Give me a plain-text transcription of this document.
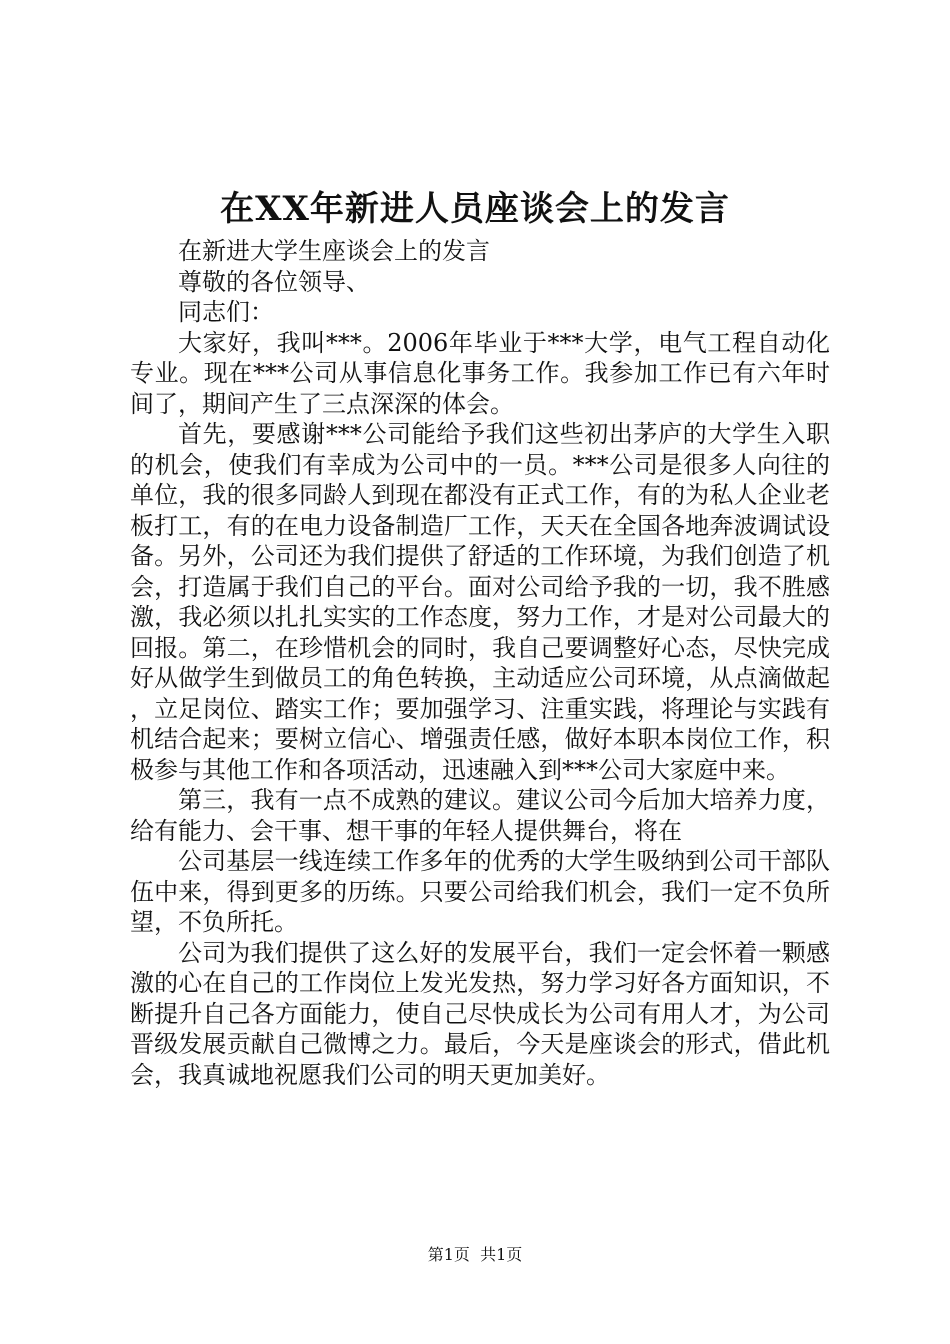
在XX年新进人员座谈会上的发言

在新进大学生座谈会上的发言

尊敬的各位领导、

同志们：

大家好，我叫***。2006年毕业于***大学，电气工程自动化专业。现在***公司从事信息化事务工作。我参加工作已有六年时间了，期间产生了三点深深的体会。

首先，要感谢***公司能给予我们这些初出茅庐的大学生入职的机会，使我们有幸成为公司中的一员。***公司是很多人向往的单位，我的很多同龄人到现在都没有正式工作，有的为私人企业老板打工，有的在电力设备制造厂工作，天天在全国各地奔波调试设备。另外，公司还为我们提供了舒适的工作环境，为我们创造了机会，打造属于我们自己的平台。面对公司给予我的一切，我不胜感激，我必须以扎扎实实的工作态度，努力工作，才是对公司最大的回报。第二，在珍惜机会的同时，我自己要调整好心态，尽快完成好从做学生到做员工的角色转换，主动适应公司环境，从点滴做起，立足岗位、踏实工作；要加强学习、注重实践，将理论与实践有机结合起来；要树立信心、增强责任感，做好本职本岗位工作，积极参与其他工作和各项活动，迅速融入到***公司大家庭中来。

第三，我有一点不成熟的建议。建议公司今后加大培养力度，给有能力、会干事、想干事的年轻人提供舞台，将在

公司基层一线连续工作多年的优秀的大学生吸纳到公司干部队伍中来，得到更多的历练。只要公司给我们机会，我们一定不负所望，不负所托。

公司为我们提供了这么好的发展平台，我们一定会怀着一颗感激的心在自己的工作岗位上发光发热，努力学习好各方面知识，不断提升自己各方面能力，使自己尽快成长为公司有用人才，为公司晋级发展贡献自己微博之力。最后，今天是座谈会的形式，借此机会，我真诚地祝愿我们公司的明天更加美好。

第1页  共1页
